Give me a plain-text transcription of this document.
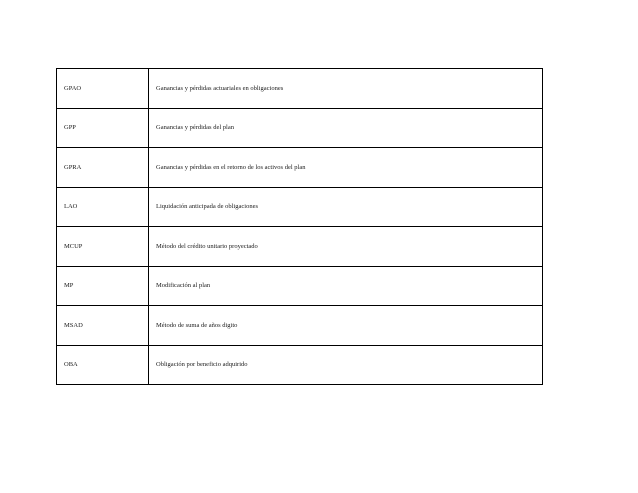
GPAO	Ganancias y pérdidas actuariales en obligaciones
GPP	Ganancias y pérdidas del plan
GPRA	Ganancias y pérdidas en el retorno de los activos del plan
LAO	Liquidación anticipada de obligaciones
MCUP	Método del crédito unitario proyectado
MP	Modificación al plan
MSAD	Método de suma de años digito
OBA	Obligación por beneficio adquirido
